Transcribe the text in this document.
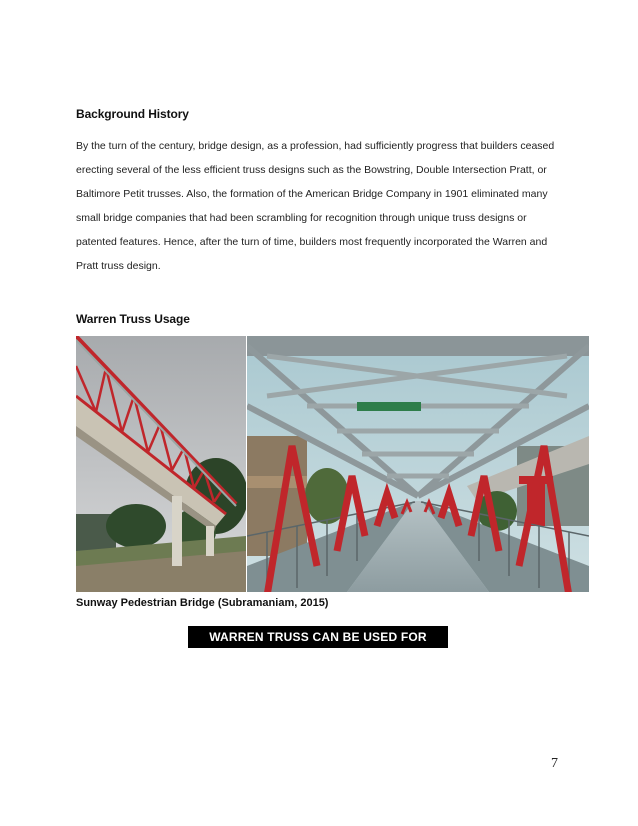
Background History
By the turn of the century, bridge design, as a profession, had sufficiently progress that builders ceased erecting several of the less efficient truss designs such as the Bowstring, Double Intersection Pratt, or Baltimore Petit trusses. Also, the formation of the American Bridge Company in 1901 eliminated many small bridge companies that had been scrambling for recognition through unique truss designs or patented features. Hence, after the turn of time, builders most frequently incorporated the Warren and Pratt truss design.
Warren Truss Usage
Sunway Pedestrian Bridge (Subramaniam, 2015)
WARREN TRUSS CAN BE USED FOR BRIDGES
7
